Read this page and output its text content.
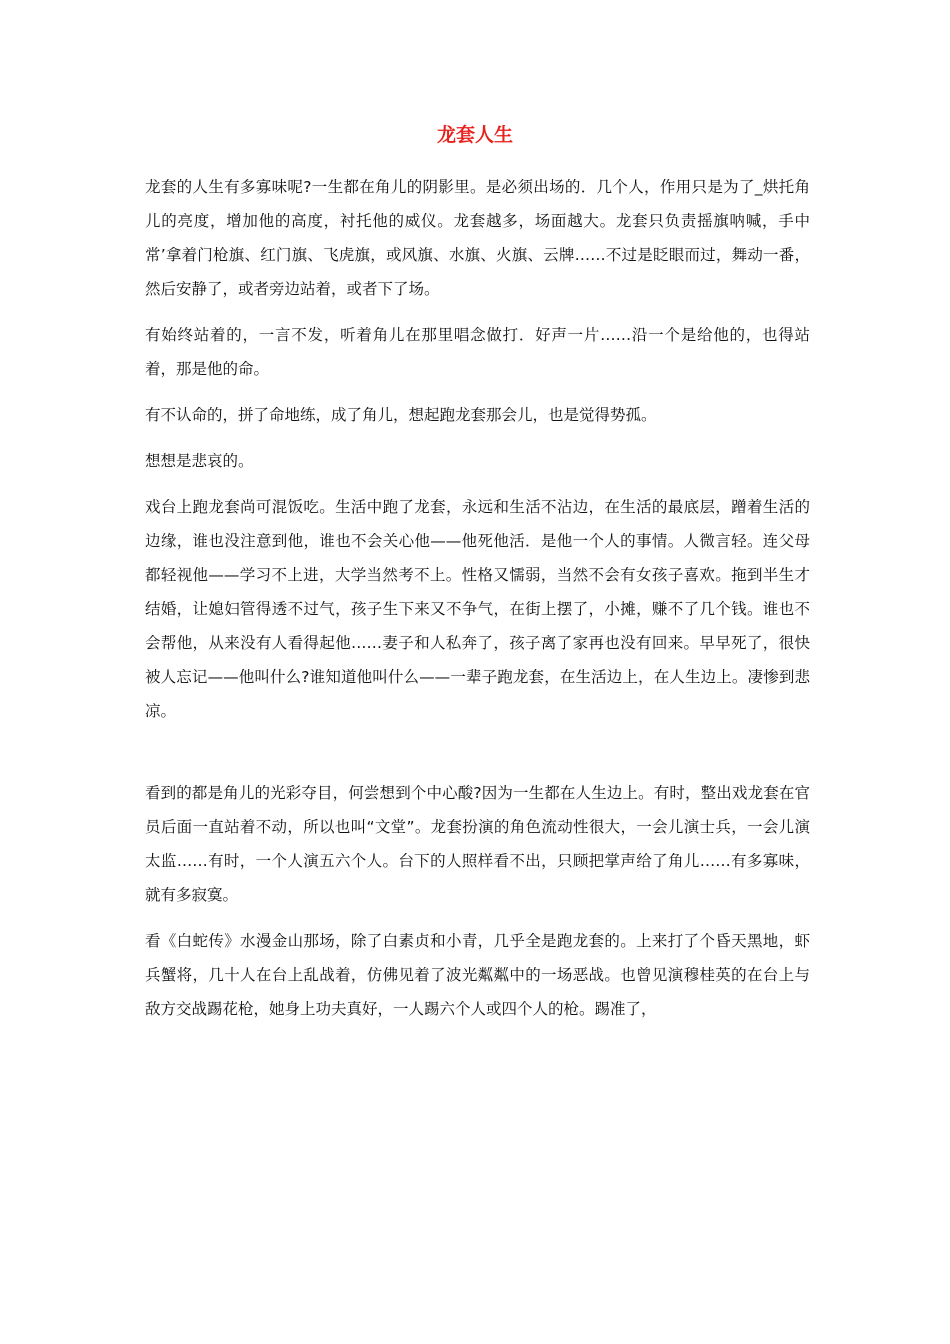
龙套人生

龙套的人生有多寡味呢?一生都在角儿的阴影里。是必须出场的．几个人，作用只是为了_烘托角儿的亮度，增加他的高度，衬托他的威仪。龙套越多，场面越大。龙套只负责摇旗呐喊，手中常’拿着门枪旗、红门旗、飞虎旗，或风旗、水旗、火旗、云牌……不过是眨眼而过，舞动一番，然后安静了，或者旁边站着，或者下了场。

有始终站着的，一言不发，听着角儿在那里唱念做打．好声一片……沿一个是给他的，也得站着，那是他的命。

有不认命的，拼了命地练，成了角儿，想起跑龙套那会儿，也是觉得势孤。

想想是悲哀的。

戏台上跑龙套尚可混饭吃。生活中跑了龙套，永远和生活不沾边，在生活的最底层，蹭着生活的边缘，谁也没注意到他，谁也不会关心他——他死他活．是他一个人的事情。人微言轻。连父母都轻视他——学习不上进，大学当然考不上。性格又懦弱，当然不会有女孩子喜欢。拖到半生才结婚，让媳妇管得透不过气，孩子生下来又不争气，在街上摆了，小摊，赚不了几个钱。谁也不会帮他，从来没有人看得起他……妻子和人私奔了，孩子离了家再也没有回来。早早死了，很快被人忘记——他叫什么?谁知道他叫什么——一辈子跑龙套，在生活边上，在人生边上。凄惨到悲凉。

看到的都是角儿的光彩夺目，何尝想到个中心酸?因为一生都在人生边上。有时，整出戏龙套在官员后面一直站着不动，所以也叫“文堂”。龙套扮演的角色流动性很大，一会儿演士兵，一会儿演太监……有时，一个人演五六个人。台下的人照样看不出，只顾把掌声给了角儿……有多寡味，就有多寂寞。

看《白蛇传》水漫金山那场，除了白素贞和小青，几乎全是跑龙套的。上来打了个昏天黑地，虾兵蟹将，几十人在台上乱战着，仿佛见着了波光粼粼中的一场恶战。也曾见演穆桂英的在台上与敌方交战踢花枪，她身上功夫真好，一人踢六个人或四个人的枪。踢准了，
